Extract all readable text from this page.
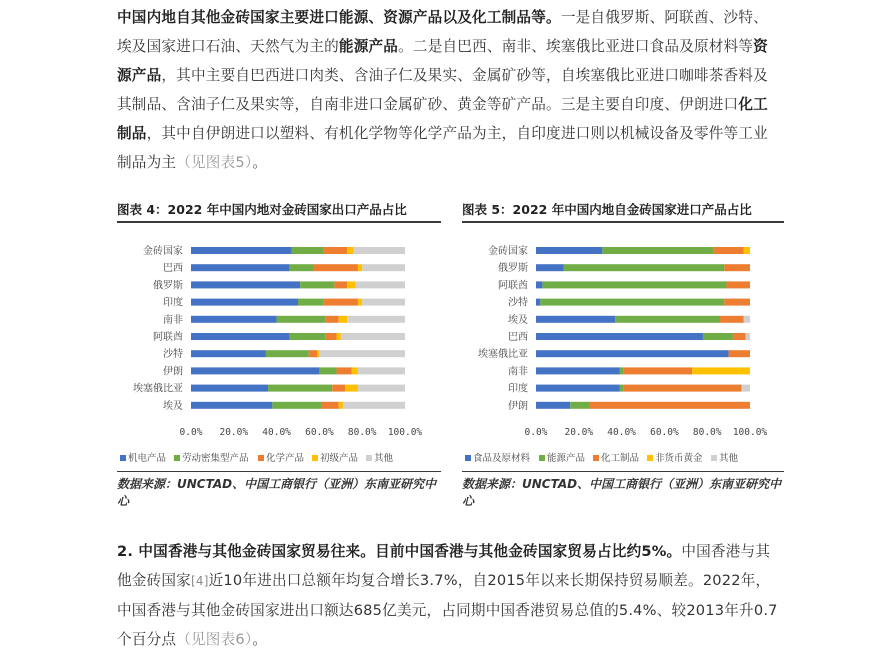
中国内地自其他金砖国家主要进口能源、资源产品以及化工制品等。一是自俄罗斯、阿联酋、沙特、埃及国家进口石油、天然气为主的能源产品。二是自巴西、南非、埃塞俄比亚进口食品及原材料等资源产品，其中主要自巴西进口肉类、含油子仁及果实、金属矿砂等，自埃塞俄比亚进口咖啡茶香料及其制品、含油子仁及果实等，自南非进口金属矿砂、黄金等矿产品。三是主要自印度、伊朗进口化工制品，其中自伊朗进口以塑料、有机化学物等化学产品为主，自印度进口则以机械设备及零件等工业制品为主（见图表5）。
图表 4：2022 年中国内地对金砖国家出口产品占比
金砖国家
巴西
俄罗斯
印度
南非
阿联酋
沙特
伊朗
埃塞俄比亚
埃及
0.0% 20.0% 40.0% 60.0% 80.0% 100.0%
机电产品 劳动密集型产品 化学产品 初级产品 其他
数据来源：UNCTAD、中国工商银行（亚洲）东南亚研究中心
图表 5：2022 年中国内地自金砖国家进口产品占比
金砖国家
俄罗斯
阿联酋
沙特
埃及
巴西
埃塞俄比亚
南非
印度
伊朗
0.0% 20.0% 40.0% 60.0% 80.0% 100.0%
食品及原材料 能源产品 化工制品 非货币黄金 其他
数据来源：UNCTAD、中国工商银行（亚洲）东南亚研究中心
2. 中国香港与其他金砖国家贸易往来。目前中国香港与其他金砖国家贸易占比约5%。中国香港与其他金砖国家[4]近10年进出口总额年均复合增长3.7%，自2015年以来长期保持贸易顺差。2022年，中国香港与其他金砖国家进出口额达685亿美元，占同期中国香港贸易总值的5.4%、较2013年升0.7个百分点（见图表6）。
